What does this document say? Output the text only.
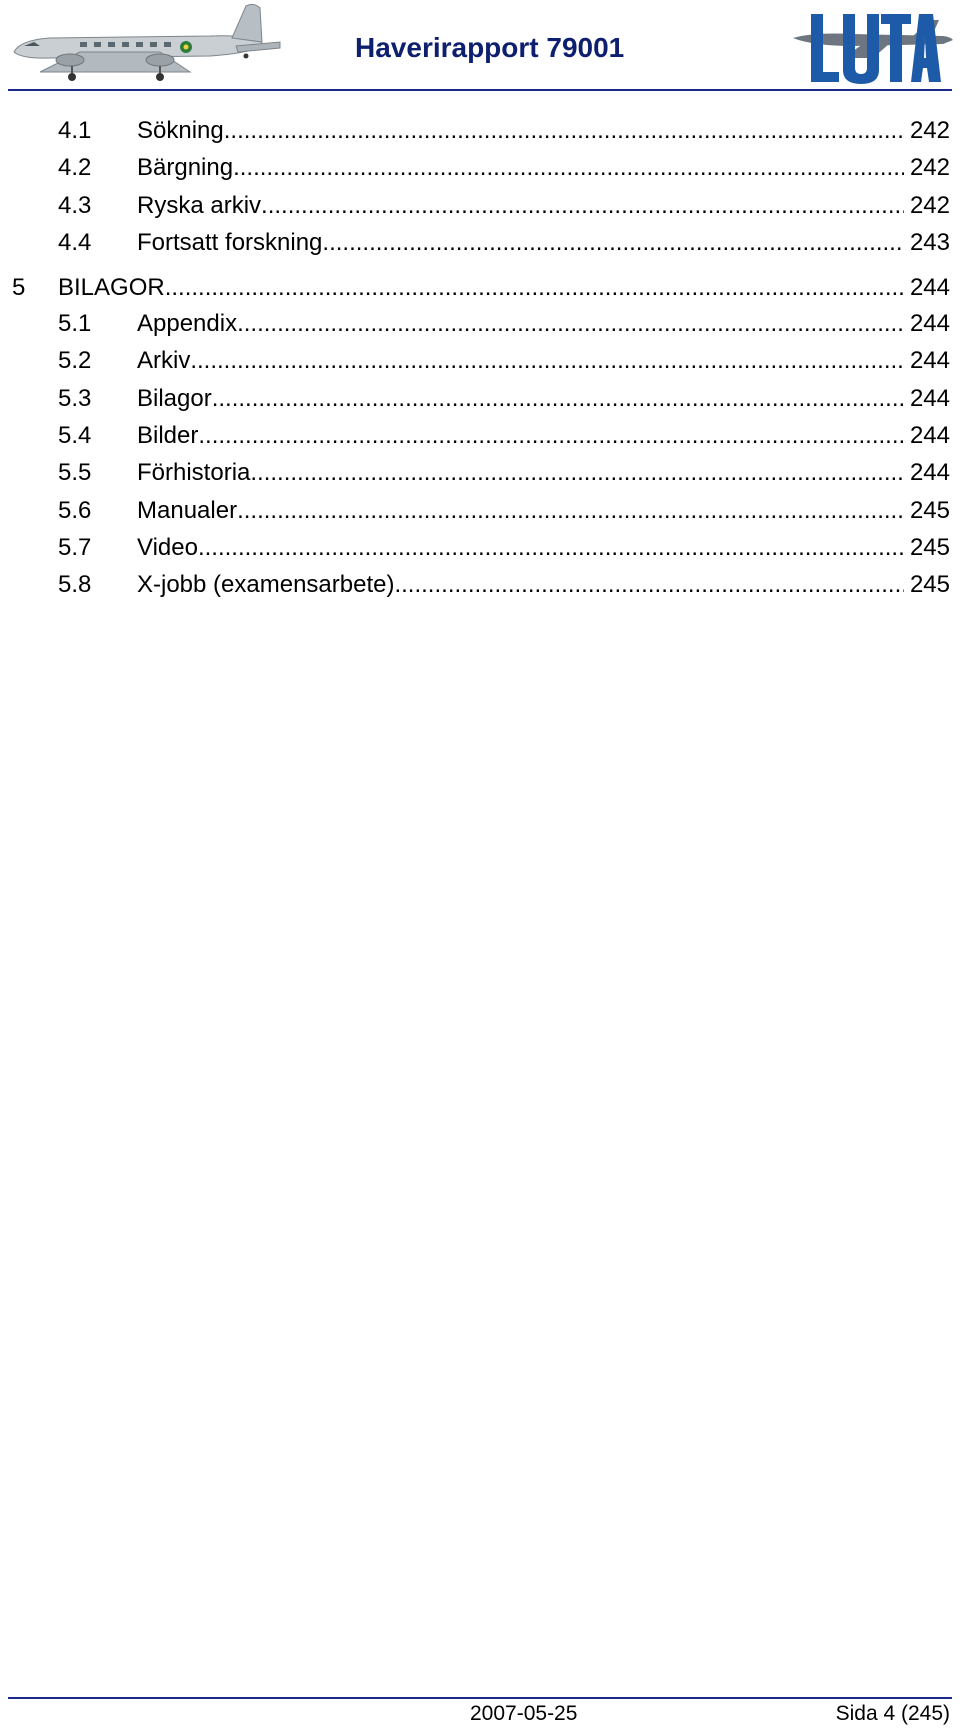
Haverirapport 79001
4.1 Sökning .....	242
4.2 Bärgning .....	242
4.3 Ryska arkiv .....	242
4.4 Fortsatt forskning .....	243
5 BILAGOR .....	244
5.1 Appendix .....	244
5.2 Arkiv .....	244
5.3 Bilagor .....	244
5.4 Bilder .....	244
5.5 Förhistoria .....	244
5.6 Manualer .....	245
5.7 Video .....	245
5.8 X-jobb (examensarbete) .....	245
2007-05-25	Sida 4 (245)
